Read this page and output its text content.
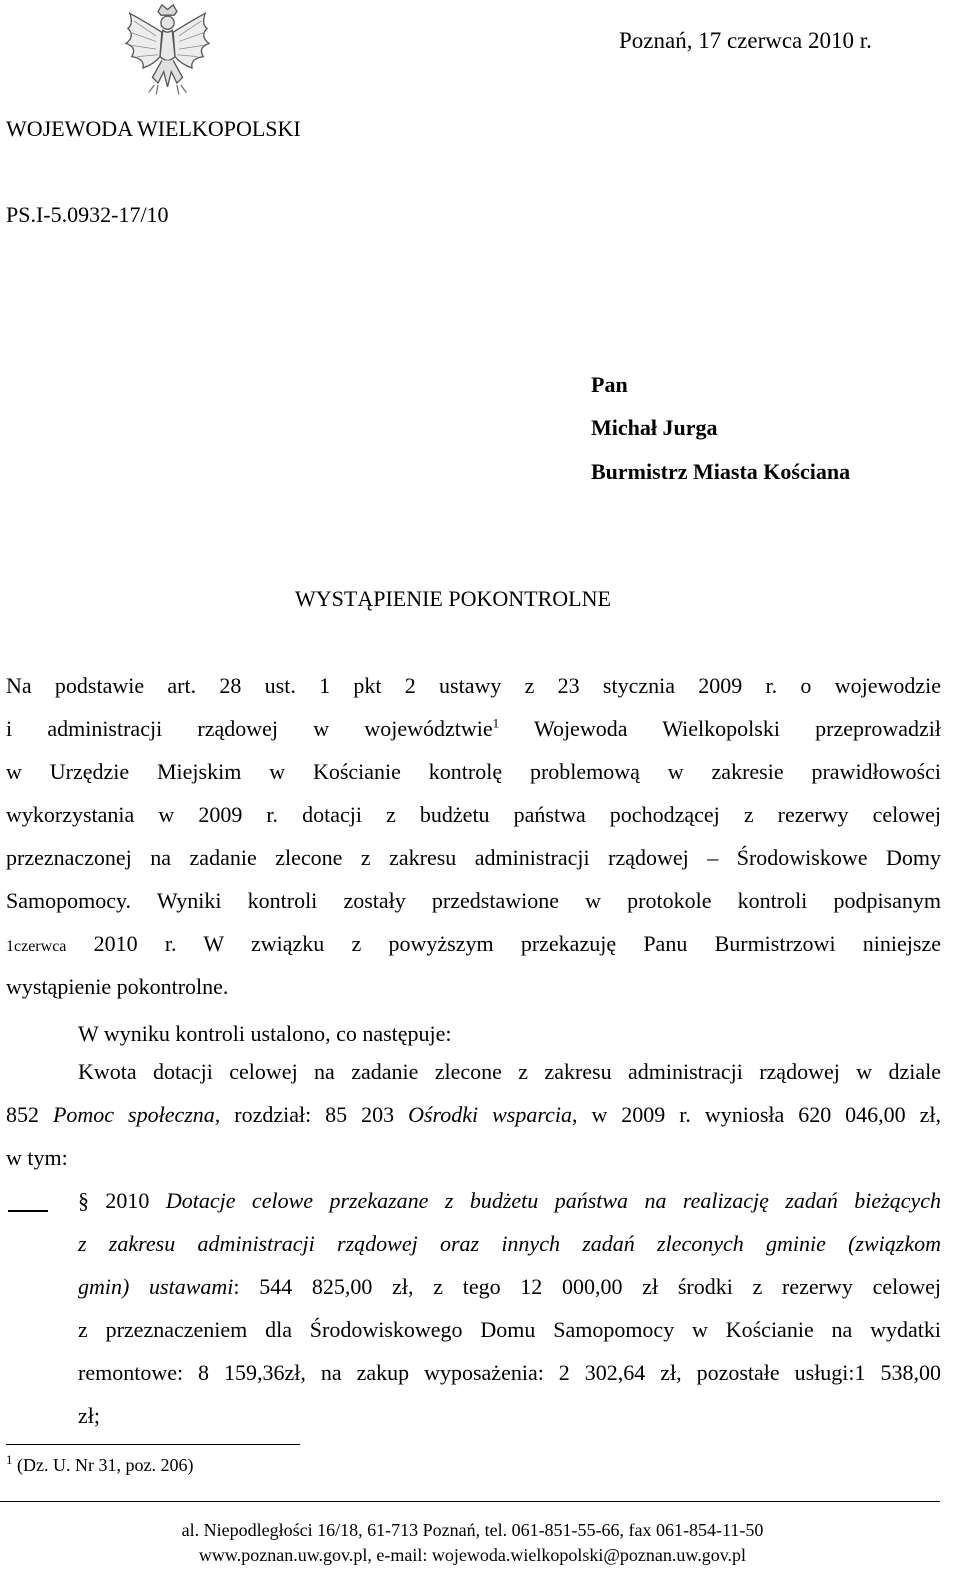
Poznań, 17 czerwca 2010 r.
WOJEWODA WIELKOPOLSKI
PS.I-5.0932-17/10
Pan
Michał Jurga
Burmistrz Miasta Kościana
WYSTĄPIENIE POKONTROLNE
Na podstawie art. 28 ust. 1 pkt 2 ustawy z 23 stycznia 2009 r. o wojewodzie
i administracji rządowej w województwie$^1$ Wojewoda Wielkopolski przeprowadził
w Urzędzie Miejskim w Kościanie kontrolę problemową w zakresie prawidłowości
wykorzystania w 2009 r. dotacji z budżetu państwa pochodzącej z rezerwy celowej
przeznaczonej na zadanie zlecone z zakresu administracji rządowej – Środowiskowe Domy
Samopomocy. Wyniki kontroli zostały przedstawione w protokole kontroli podpisanym
1czerwca 2010 r. W związku z powyższym przekazuję Panu Burmistrzowi niniejsze
wystąpienie pokontrolne.
W wyniku kontroli ustalono, co następuje:
Kwota dotacji celowej na zadanie zlecone z zakresu administracji rządowej w dziale
852 Pomoc społeczna, rozdział: 85 203 Ośrodki wsparcia, w 2009 r. wyniosła 620 046,00 zł,
w tym:
§ 2010 Dotacje celowe przekazane z budżetu państwa na realizację zadań bieżących
z zakresu administracji rządowej oraz innych zadań zleconych gminie (związkom
gmin) ustawami: 544 825,00 zł, z tego 12 000,00 zł środki z rezerwy celowej
z przeznaczeniem dla Środowiskowego Domu Samopomocy w Kościanie na wydatki
remontowe: 8 159,36zł, na zakup wyposażenia: 2 302,64 zł, pozostałe usługi:1 538,00
zł;
$^1$ (Dz. U. Nr 31, poz. 206)
al. Niepodległości 16/18, 61-713 Poznań, tel. 061-851-55-66, fax 061-854-11-50
www.poznan.uw.gov.pl, e-mail: wojewoda.wielkopolski@poznan.uw.gov.pl
